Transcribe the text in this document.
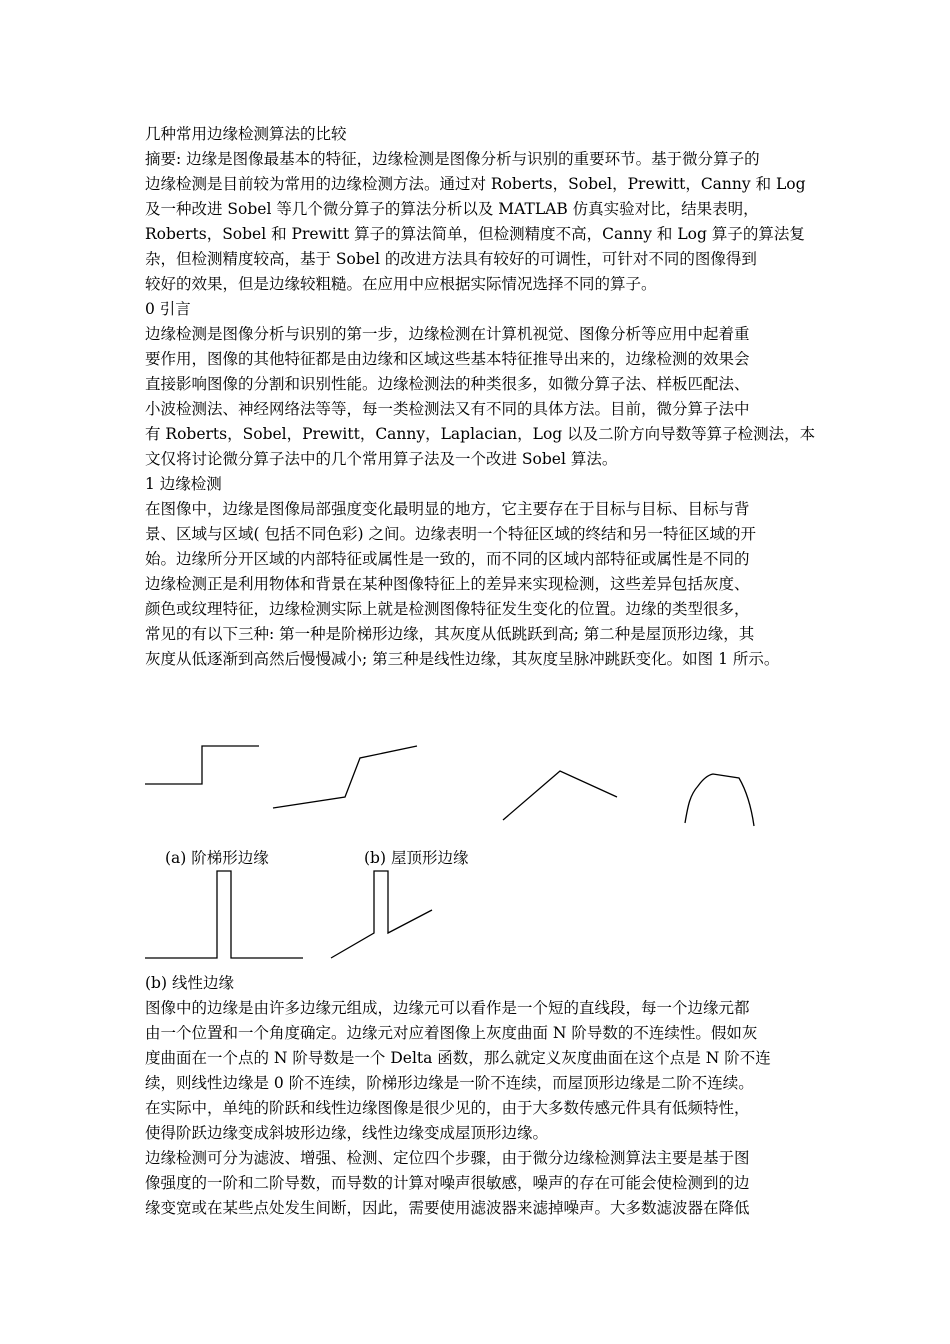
几种常用边缘检测算法的比较
摘要: 边缘是图像最基本的特征，边缘检测是图像分析与识别的重要环节。基于微分算子的
边缘检测是目前较为常用的边缘检测方法。通过对 Roberts，Sobel，Prewitt，Canny 和 Log
及一种改进 Sobel 等几个微分算子的算法分析以及 MATLAB 仿真实验对比，结果表明，
Roberts，Sobel 和 Prewitt 算子的算法简单，但检测精度不高，Canny 和 Log 算子的算法复
杂，但检测精度较高，基于 Sobel 的改进方法具有较好的可调性，可针对不同的图像得到
较好的效果，但是边缘较粗糙。在应用中应根据实际情况选择不同的算子。
0 引言
边缘检测是图像分析与识别的第一步，边缘检测在计算机视觉、图像分析等应用中起着重
要作用，图像的其他特征都是由边缘和区域这些基本特征推导出来的，边缘检测的效果会
直接影响图像的分割和识别性能。边缘检测法的种类很多，如微分算子法、样板匹配法、
小波检测法、神经网络法等等，每一类检测法又有不同的具体方法。目前，微分算子法中
有 Roberts，Sobel，Prewitt，Canny，Laplacian，Log 以及二阶方向导数等算子检测法，本
文仅将讨论微分算子法中的几个常用算子法及一个改进 Sobel 算法。
1 边缘检测
在图像中，边缘是图像局部强度变化最明显的地方，它主要存在于目标与目标、目标与背
景、区域与区域( 包括不同色彩) 之间。边缘表明一个特征区域的终结和另一特征区域的开
始。边缘所分开区域的内部特征或属性是一致的，而不同的区域内部特征或属性是不同的
边缘检测正是利用物体和背景在某种图像特征上的差异来实现检测，这些差异包括灰度、
颜色或纹理特征，边缘检测实际上就是检测图像特征发生变化的位置。边缘的类型很多，
常见的有以下三种: 第一种是阶梯形边缘，其灰度从低跳跃到高; 第二种是屋顶形边缘，其
灰度从低逐渐到高然后慢慢减小; 第三种是线性边缘，其灰度呈脉冲跳跃变化。如图 1 所示。
(a) 阶梯形边缘	(b) 屋顶形边缘
(b) 线性边缘
图像中的边缘是由许多边缘元组成，边缘元可以看作是一个短的直线段，每一个边缘元都
由一个位置和一个角度确定。边缘元对应着图像上灰度曲面 N 阶导数的不连续性。假如灰
度曲面在一个点的 N 阶导数是一个 Delta 函数，那么就定义灰度曲面在这个点是 N 阶不连
续，则线性边缘是 0 阶不连续，阶梯形边缘是一阶不连续，而屋顶形边缘是二阶不连续。
在实际中，单纯的阶跃和线性边缘图像是很少见的，由于大多数传感元件具有低频特性，
使得阶跃边缘变成斜坡形边缘，线性边缘变成屋顶形边缘。
边缘检测可分为滤波、增强、检测、定位四个步骤，由于微分边缘检测算法主要是基于图
像强度的一阶和二阶导数，而导数的计算对噪声很敏感，噪声的存在可能会使检测到的边
缘变宽或在某些点处发生间断，因此，需要使用滤波器来滤掉噪声。大多数滤波器在降低
